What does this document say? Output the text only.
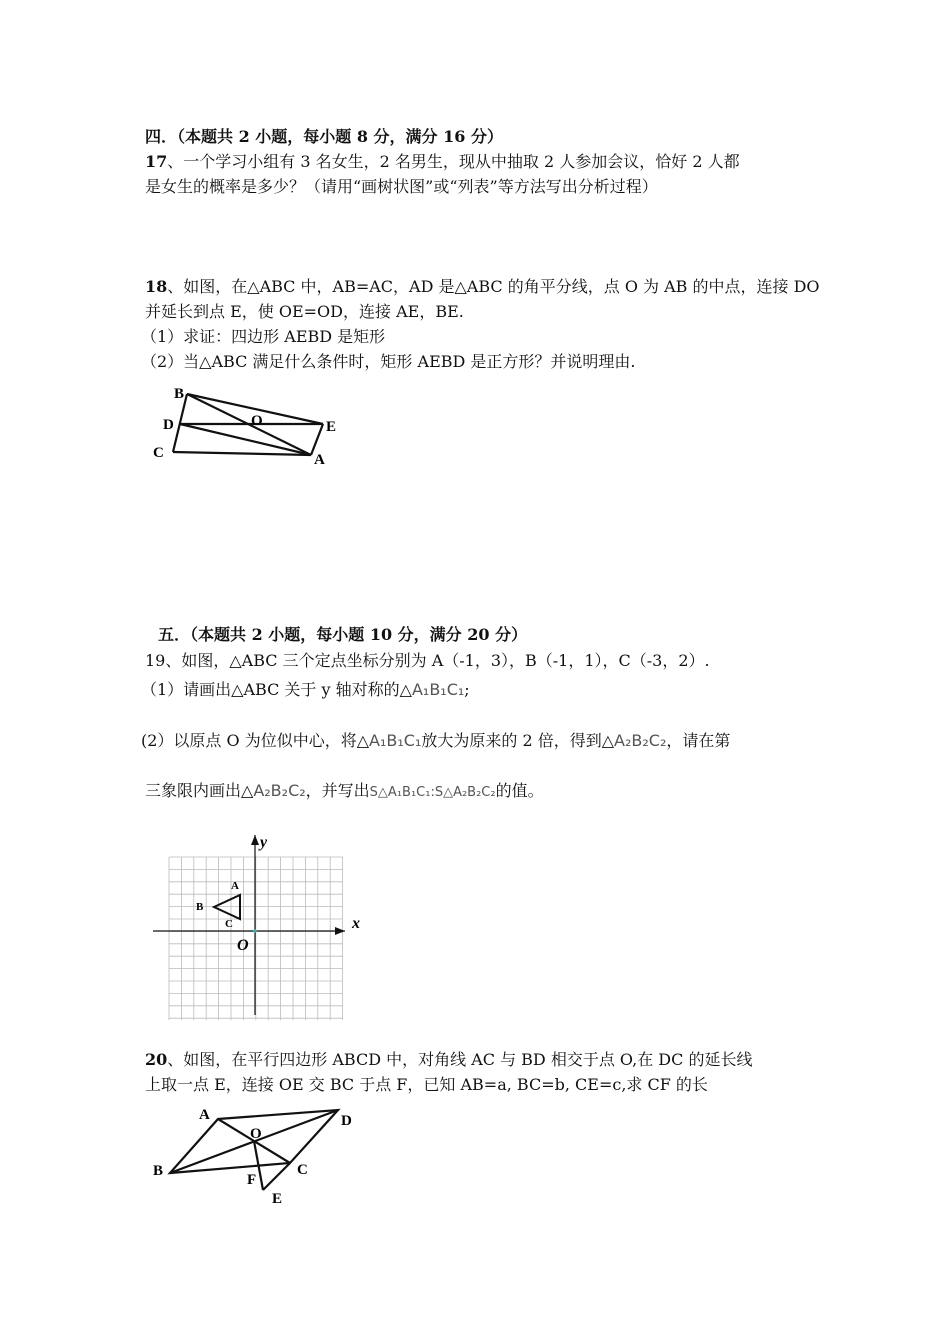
四．（本题共 2 小题，每小题 8 分，满分 16 分）
17、一个学习小组有 3 名女生，2 名男生，现从中抽取 2 人参加会议，恰好 2 人都
是女生的概率是多少？（请用“画树状图”或“列表”等方法写出分析过程）
18、如图，在△ABC 中，AB=AC，AD 是△ABC 的角平分线，点 O 为 AB 的中点，连接 DO
并延长到点 E，使 OE=OD，连接 AE，BE.
（1）求证：四边形 AEBD 是矩形
（2）当△ABC 满足什么条件时，矩形 AEBD 是正方形？并说明理由.
B
D	O	E
C	A
五．（本题共 2 小题，每小题 10 分，满分 20 分）
19、如图，△ABC 三个定点坐标分别为 A（-1，3），B（-1，1），C（-3，2）.
（1）请画出△ABC 关于 y 轴对称的△A₁B₁C₁;
(2）以原点 O 为位似中心，将△A₁B₁C₁放大为原来的 2 倍，得到△A₂B₂C₂，请在第
三象限内画出△A₂B₂C₂，并写出S△A₁B₁C₁:S△A₂B₂C₂的值。
x
y
O
A
B
C
20、如图，在平行四边形 ABCD 中，对角线 AC 与 BD 相交于点 O,在 DC 的延长线
上取一点 E，连接 OE 交 BC 于点 F，已知 AB=a, BC=b, CE=c,求 CF 的长
A	D
O
B	C
F
E
